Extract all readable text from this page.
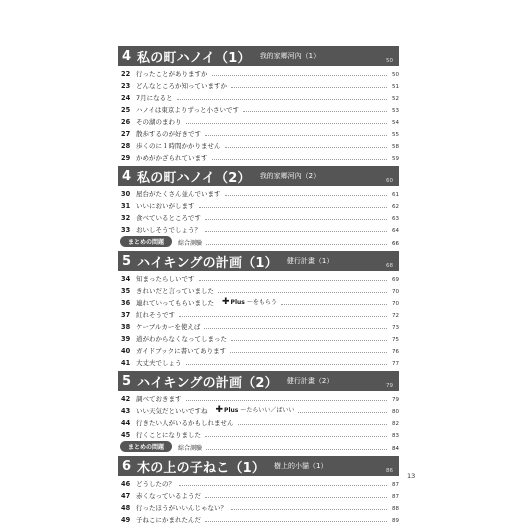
4 私の町ハノイ（1） 我的家鄉河內（1）
50
22 行ったことがありますか	50
23 どんなところか知っていますか	51
24 7月になると	52
25 ハノイは東京よりずっと小さいです	53
26 その湖のまわり	54
27 散歩するのが好きです	55
28 歩くのに１時間かかりません	58
29 かめがかざられています	59
4 私の町ハノイ（2） 我的家鄉河內（2）
60
30 屋台がたくさん並んでいます	61
31 いいにおいがします	62
32 食べているところです	63
33 おいしそうでしょう？	64
まとめの問題	綜合測驗	66
5 ハイキングの計画（1） 健行計畫（1）
68
34 知まったらしいです	69
35 きれいだと言っていました	70
36 連れていってもらいました ✚Plus 〜をもらう	70
37 紅れそうです	72
38 ケーブルカーを使えば	73
39 道がわからなくなってしまった	75
40 ガイドブックに書いてあります	76
41 大丈夫でしょう	77
5 ハイキングの計画（2） 健行計畫（2）
79
42 調べておきます	79
43 いい天気だといいですね ✚Plus 〜たらいい／ばいい	80
44 行きたい人がいるかもしれません	82
45 行くことになりました	83
まとめの問題	綜合測驗	84
6 木の上の子ねこ（1） 樹上的小貓（1）
86
46 どうしたの？	87
47 赤くなっているようだ	87
48 行ったほうがいいんじゃない？	88
49 子ねこにかまれたんだ	89
13
